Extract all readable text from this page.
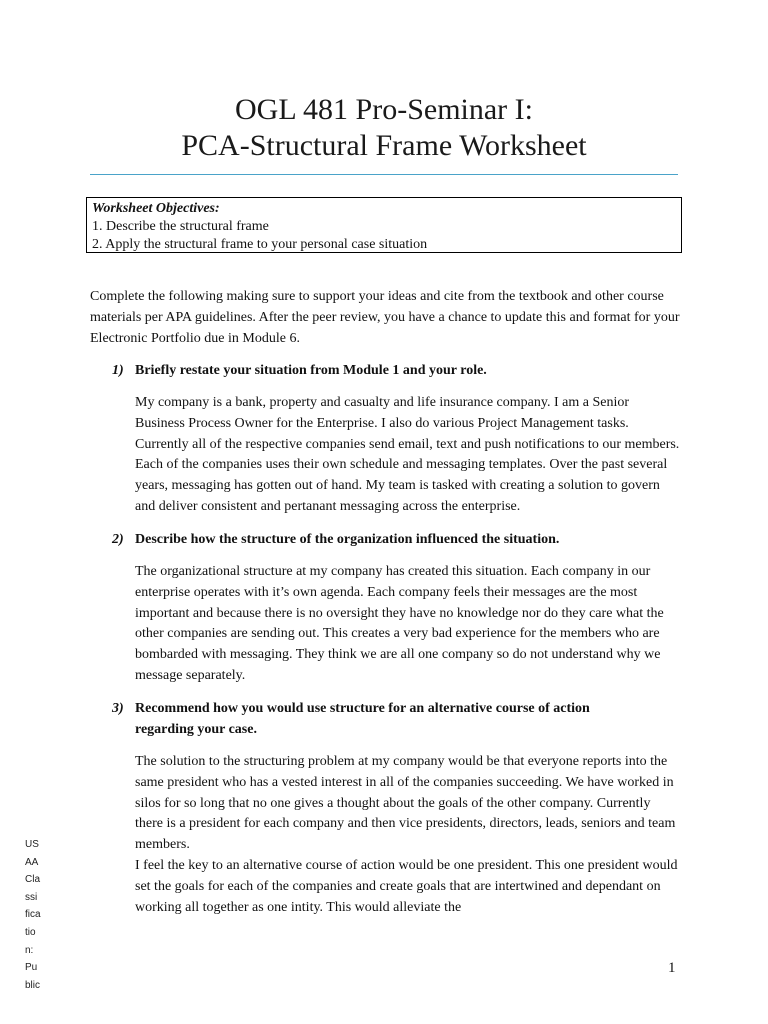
OGL 481 Pro-Seminar I:
PCA-Structural Frame Worksheet
Worksheet Objectives:
1. Describe the structural frame
2. Apply the structural frame to your personal case situation
Complete the following making sure to support your ideas and cite from the textbook and other course materials per APA guidelines. After the peer review, you have a chance to update this and format for your Electronic Portfolio due in Module 6.
1) Briefly restate your situation from Module 1 and your role.

My company is a bank, property and casualty and life insurance company. I am a Senior Business Process Owner for the Enterprise. I also do various Project Management tasks. Currently all of the respective companies send email, text and push notifications to our members. Each of the companies uses their own schedule and messaging templates. Over the past several years, messaging has gotten out of hand. My team is tasked with creating a solution to govern and deliver consistent and pertanant messaging across the enterprise.

2) Describe how the structure of the organization influenced the situation.

The organizational structure at my company has created this situation. Each company in our enterprise operates with it’s own agenda. Each company feels their messages are the most important and because there is no oversight they have no knowledge nor do they care what the other companies are sending out. This creates a very bad experience for the members who are bombarded with messaging. They think we are all one company so do not understand why we message separately.

3) Recommend how you would use structure for an alternative course of action regarding your case.

The solution to the structuring problem at my company would be that everyone reports into the same president who has a vested interest in all of the companies succeeding. We have worked in silos for so long that no one gives a thought about the goals of the other company. Currently there is a president for each company and then vice presidents, directors, leads, seniors and team members.

I feel the key to an alternative course of action would be one president. This one president would set the goals for each of the companies and create goals that are intertwined and dependant on working all together as one intity. This would alleviate the

US
AA
Cla
ssi
fica
tio
n:
Pu
blic
1
